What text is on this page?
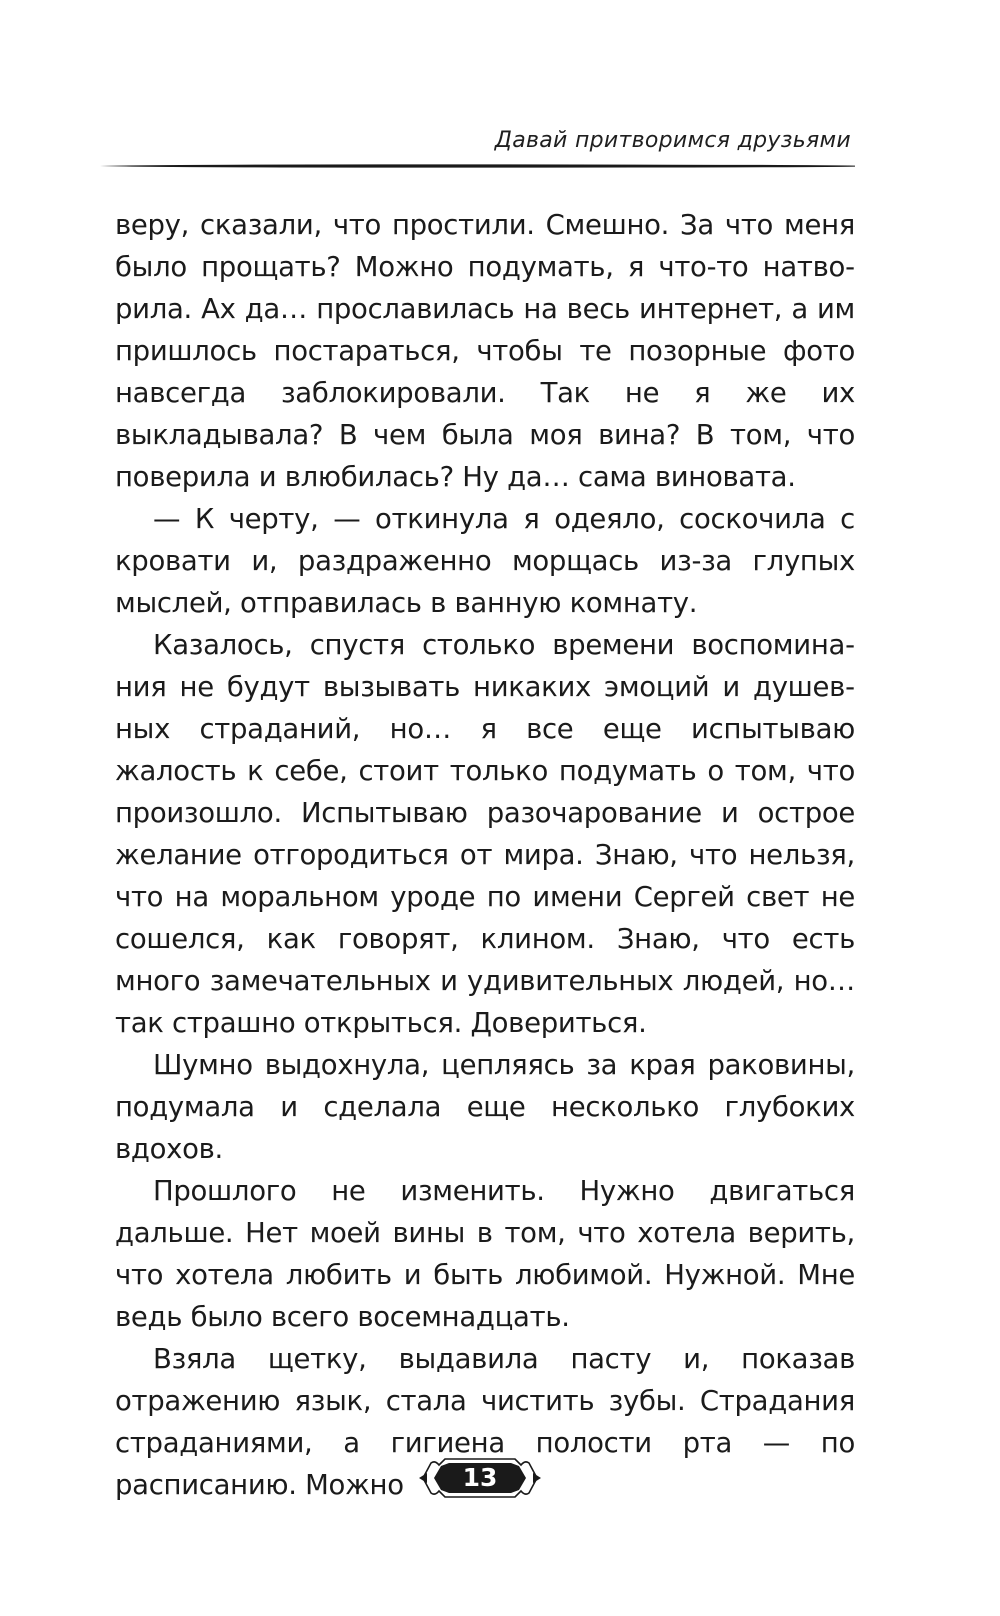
Давай притворимся друзьями

веру, сказали, что простили. Смешно. За что меня было прощать? Можно подумать, я что-то натворила. Ах да… прославилась на весь интернет, а им пришлось постараться, чтобы те позорные фото навсегда заблокировали. Так не я же их выкладывала? В чем была моя вина? В том, что поверила и влюбилась? Ну да… сама виновата.

— К черту, — откинула я одеяло, соскочила с кровати и, раздраженно морщась из-за глупых мыслей, отправилась в ванную комнату.

Казалось, спустя столько времени воспоминания не будут вызывать никаких эмоций и душевных страданий, но… я все еще испытываю жалость к себе, стоит только подумать о том, что произошло. Испытываю разочарование и острое желание отгородиться от мира. Знаю, что нельзя, что на моральном уроде по имени Сергей свет не сошелся, как говорят, клином. Знаю, что есть много замечательных и удивительных людей, но… так страшно открыться. Довериться.

Шумно выдохнула, цепляясь за края раковины, подумала и сделала еще несколько глубоких вдохов.

Прошлого не изменить. Нужно двигаться дальше. Нет моей вины в том, что хотела верить, что хотела любить и быть любимой. Нужной. Мне ведь было всего восемнадцать.

Взяла щетку, выдавила пасту и, показав отражению язык, стала чистить зубы. Страдания страданиями, а гигиена полости рта — по расписанию. Можно	13
